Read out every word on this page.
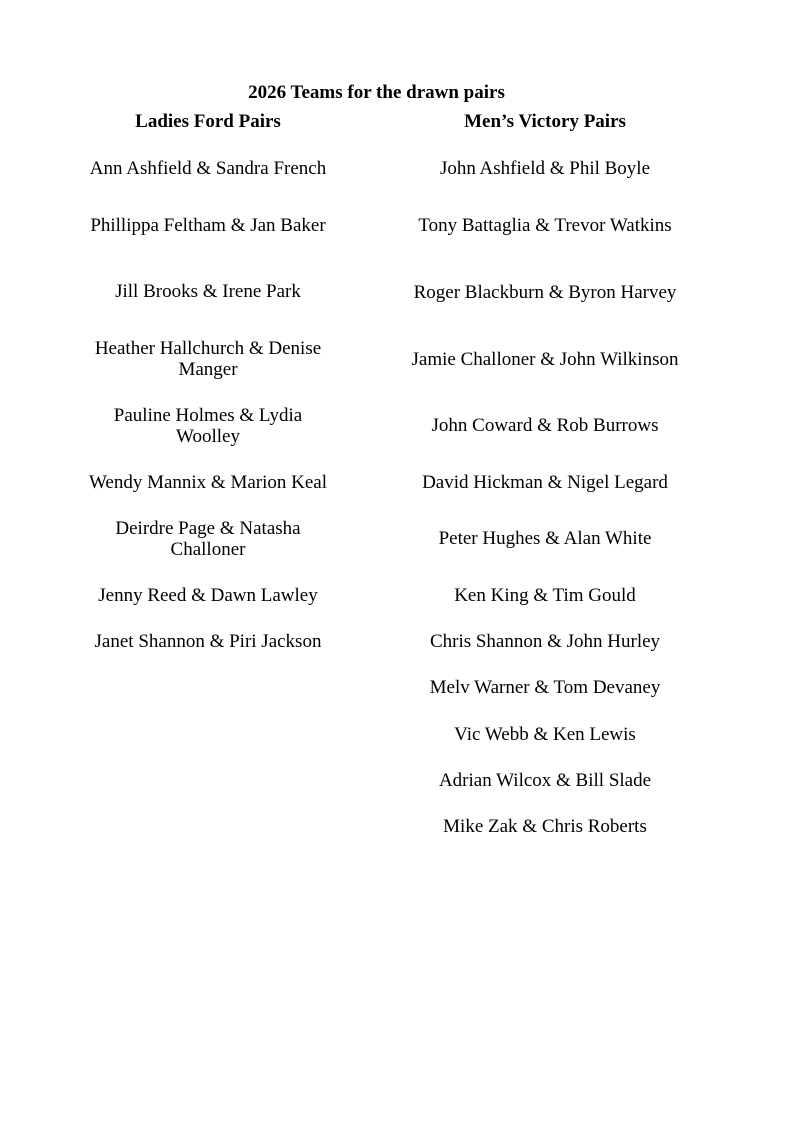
2026 Teams for the drawn pairs
Ladies Ford Pairs	Men’s Victory Pairs
Ann Ashfield & Sandra French
Phillippa Feltham & Jan Baker
Jill Brooks & Irene Park
Heather Hallchurch & Denise Manger
Pauline Holmes & Lydia Woolley
Wendy Mannix & Marion Keal
Deirdre Page & Natasha Challoner
Jenny Reed & Dawn Lawley
Janet Shannon & Piri Jackson
John Ashfield & Phil Boyle
Tony Battaglia & Trevor Watkins
Roger Blackburn & Byron Harvey
Jamie Challoner & John Wilkinson
John Coward & Rob Burrows
David Hickman & Nigel Legard
Peter Hughes & Alan White
Ken King & Tim Gould
Chris Shannon & John Hurley
Melv Warner & Tom Devaney
Vic Webb & Ken Lewis
Adrian Wilcox & Bill Slade
Mike Zak & Chris Roberts
